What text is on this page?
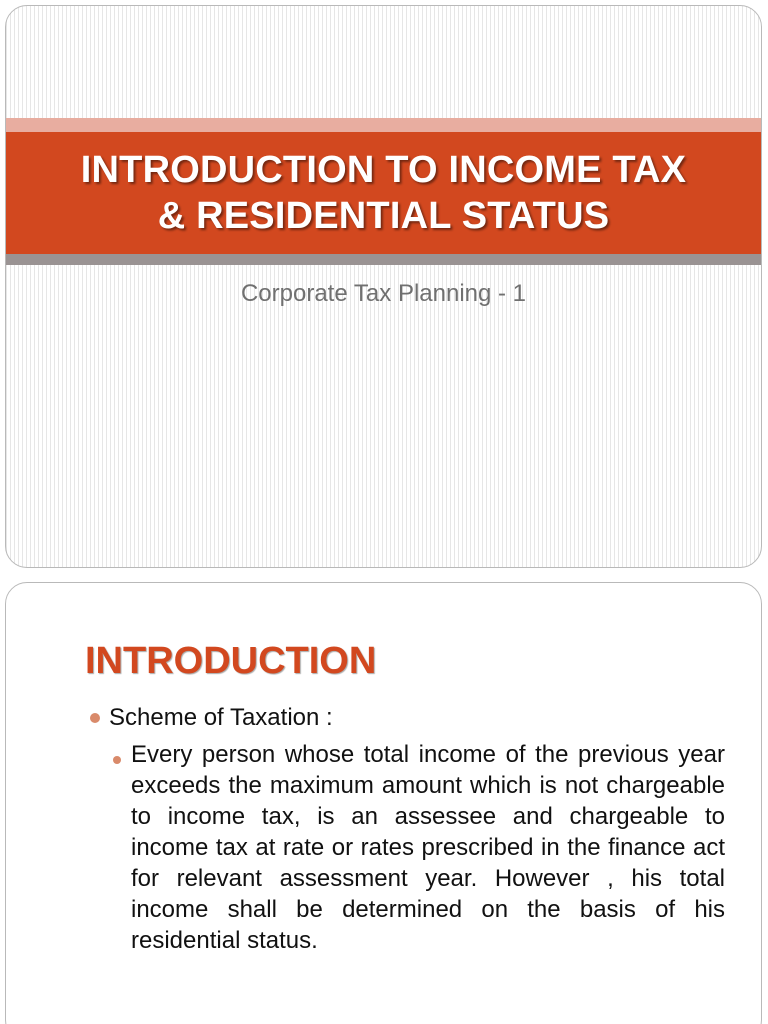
INTRODUCTION TO INCOME TAX
& RESIDENTIAL STATUS
Corporate Tax Planning - 1
INTRODUCTION
Scheme of Taxation :
Every person whose total income of the previous year exceeds the maximum amount which is not chargeable to income tax, is an assessee and chargeable to income tax at rate or rates prescribed in the finance act for relevant assessment year. However , his total income shall be determined on the basis of his residential status.
